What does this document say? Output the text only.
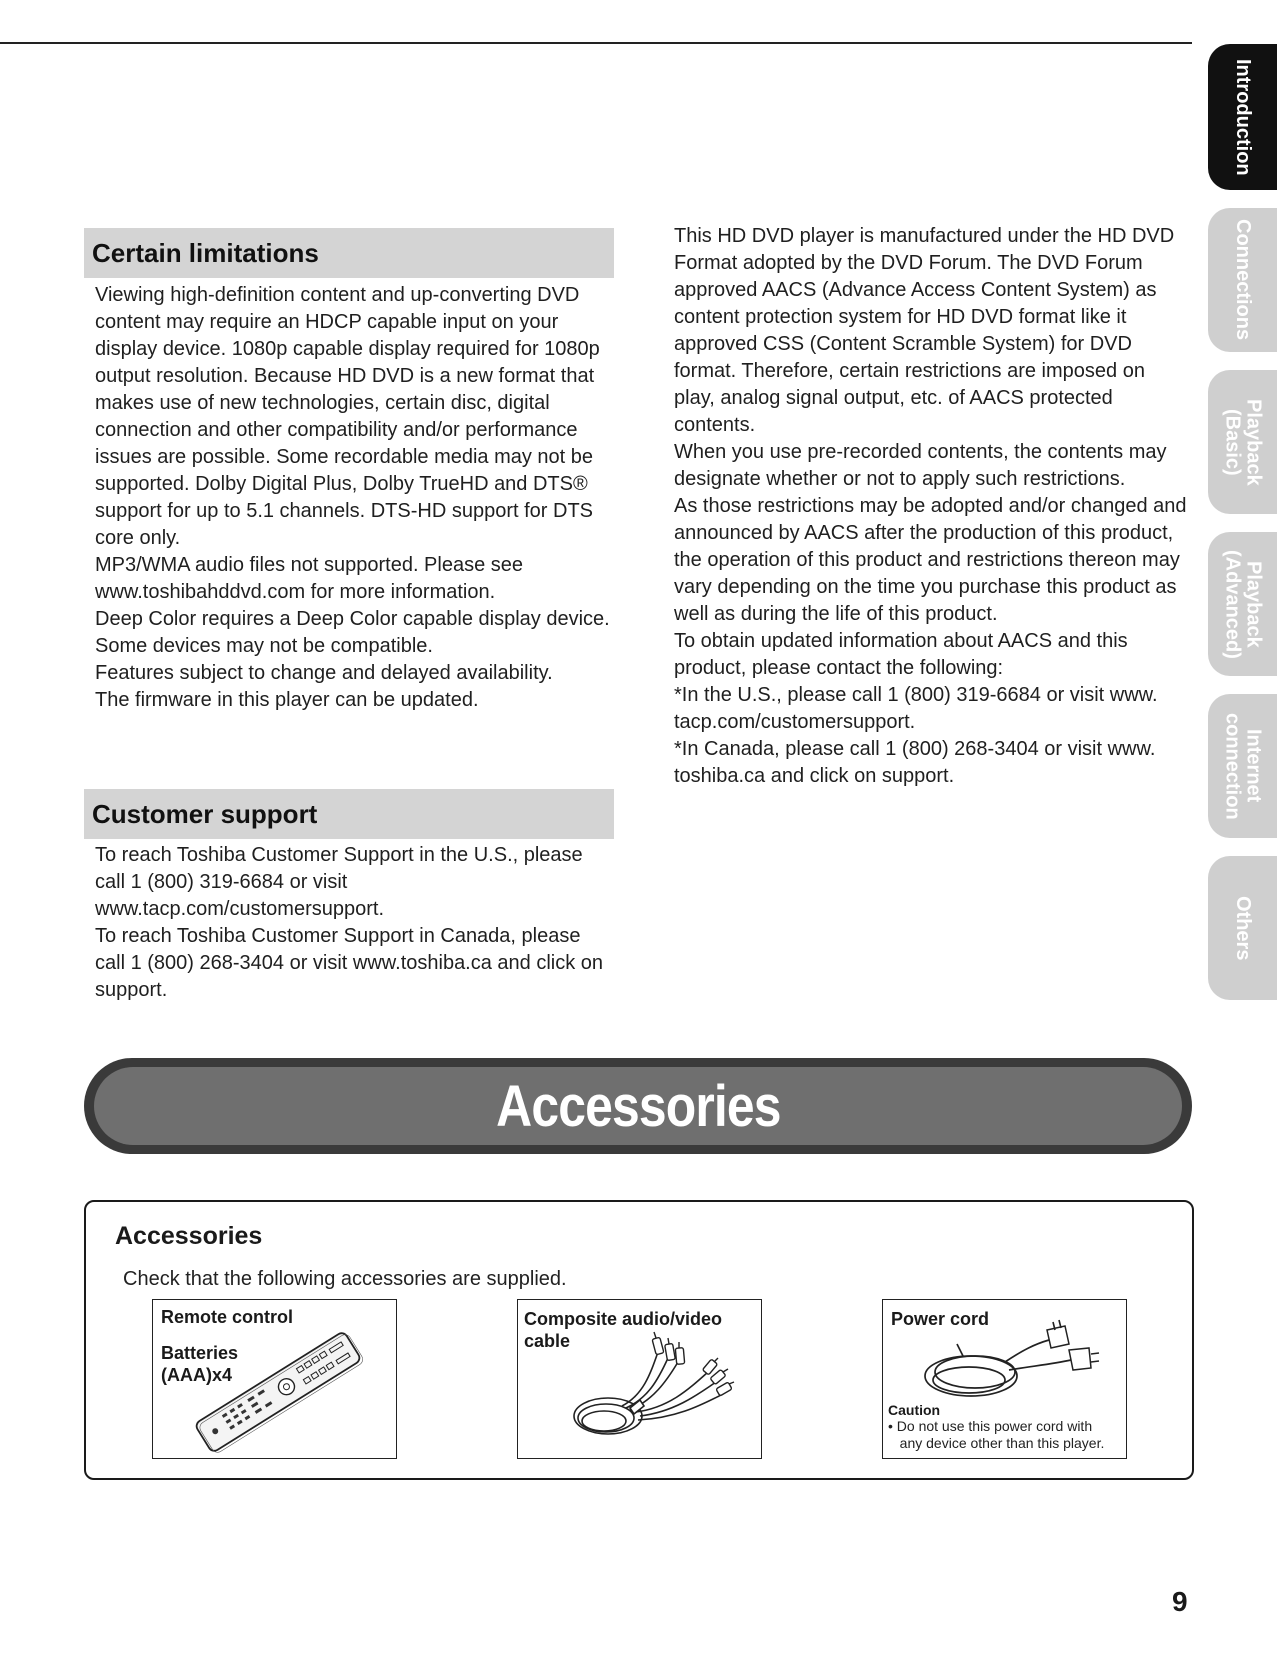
Introduction
Connections
Playback
(Basic)
Playback
(Advanced)
Internet
connection
Others
Certain limitations

Viewing high-definition content and up-converting DVD content may require an HDCP capable input on your display device. 1080p capable display required for 1080p output resolution. Because HD DVD is a new format that makes use of new technologies, certain disc, digital connection and other compatibility and/or performance issues are possible. Some recordable media may not be supported. Dolby Digital Plus, Dolby TrueHD and DTS® support for up to 5.1 channels. DTS-HD support for DTS core only.

MP3/WMA audio files not supported. Please see www.toshibahddvd.com for more information.

Deep Color requires a Deep Color capable display device. Some devices may not be compatible.

Features subject to change and delayed availability.

The firmware in this player can be updated.

Customer support

To reach Toshiba Customer Support in the U.S., please call 1 (800) 319-6684 or visit www.tacp.com/customersupport.

To reach Toshiba Customer Support in Canada, please call 1 (800) 268-3404 or visit www.toshiba.ca and click on support.

This HD DVD player is manufactured under the HD DVD Format adopted by the DVD Forum. The DVD Forum approved AACS (Advance Access Content System) as content protection system for HD DVD format like it approved CSS (Content Scramble System) for DVD format. Therefore, certain restrictions are imposed on play, analog signal output, etc. of AACS protected contents.

When you use pre-recorded contents, the contents may designate whether or not to apply such restrictions.

As those restrictions may be adopted and/or changed and announced by AACS after the production of this product, the operation of this product and restrictions thereon may vary depending on the time you purchase this product as well as during the life of this product.

To obtain updated information about AACS and this product, please contact the following:

*In the U.S., please call 1 (800) 319-6684 or visit www. tacp.com/customersupport.

*In Canada, please call 1 (800) 268-3404 or visit www. toshiba.ca and click on support.

Accessories
Accessories
Check that the following accessories are supplied.
Remote control
Batteries
(AAA)x4
Composite audio/video
cable
Power cord
Caution
• Do not use this power cord with
any device other than this player.
9
